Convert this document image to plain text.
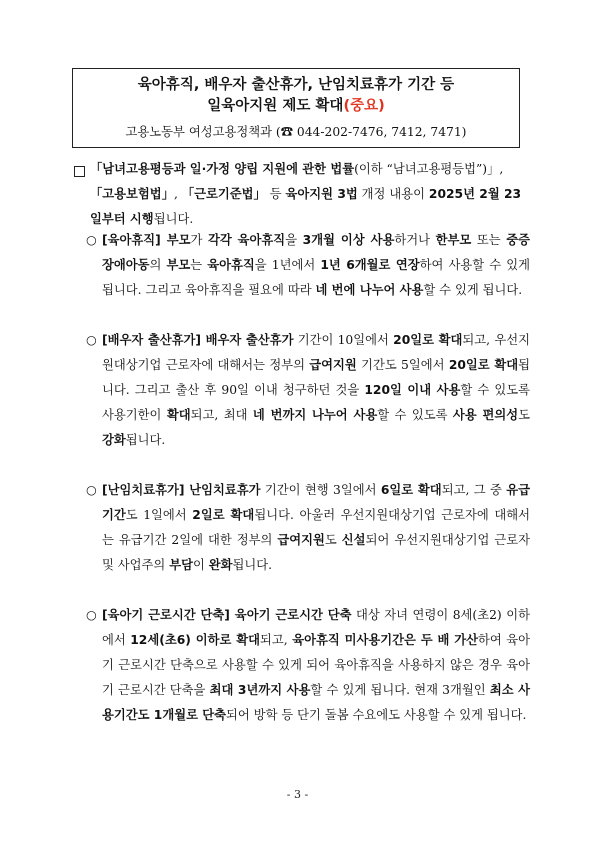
육아휴직, 배우자 출산휴가, 난임치료휴가 기간 등
일육아지원 제도 확대(중요)
고용노동부 여성고용정책과 (☎ 044-202-7476, 7412, 7471)

「남녀고용평등과 일·가정 양립 지원에 관한 법률(이하 “남녀고용평등법”)」, 「고용보험법」, 「근로기준법」 등 육아지원 3법 개정 내용이 2025년 2월 23일부터 시행됩니다.

○ [육아휴직] 부모가 각각 육아휴직을 3개월 이상 사용하거나 한부모 또는 중증 장애아동의 부모는 육아휴직을 1년에서 1년 6개월로 연장하여 사용할 수 있게 됩니다. 그리고 육아휴직을 필요에 따라 네 번에 나누어 사용할 수 있게 됩니다.

○ [배우자 출산휴가] 배우자 출산휴가 기간이 10일에서 20일로 확대되고, 우선지원대상기업 근로자에 대해서는 정부의 급여지원 기간도 5일에서 20일로 확대됩니다. 그리고 출산 후 90일 이내 청구하던 것을 120일 이내 사용할 수 있도록 사용기한이 확대되고, 최대 네 번까지 나누어 사용할 수 있도록 사용 편의성도 강화됩니다.

○ [난임치료휴가] 난임치료휴가 기간이 현행 3일에서 6일로 확대되고, 그 중 유급기간도 1일에서 2일로 확대됩니다. 아울러 우선지원대상기업 근로자에 대해서는 유급기간 2일에 대한 정부의 급여지원도 신설되어 우선지원대상기업 근로자 및 사업주의 부담이 완화됩니다.

○ [육아기 근로시간 단축] 육아기 근로시간 단축 대상 자녀 연령이 8세(초2) 이하에서 12세(초6) 이하로 확대되고, 육아휴직 미사용기간은 두 배 가산하여 육아기 근로시간 단축으로 사용할 수 있게 되어 육아휴직을 사용하지 않은 경우 육아기 근로시간 단축을 최대 3년까지 사용할 수 있게 됩니다. 현재 3개월인 최소 사용기간도 1개월로 단축되어 방학 등 단기 돌봄 수요에도 사용할 수 있게 됩니다.

- 3 -
